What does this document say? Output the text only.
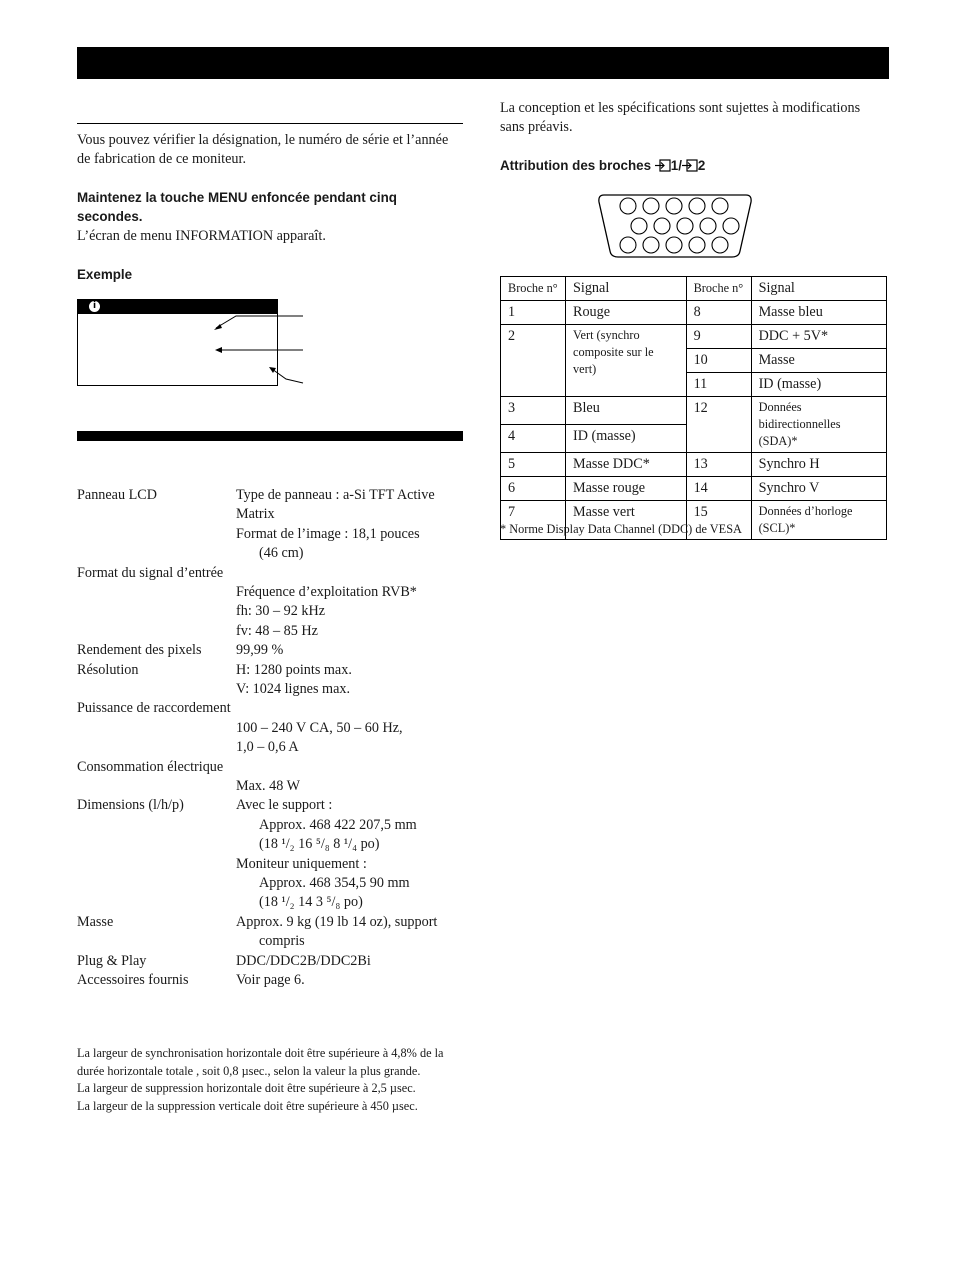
Vous pouvez vérifier la désignation, le numéro de série et l’année de fabrication de ce moniteur.
Maintenez la touche MENU enfoncée pendant cinq secondes.
L’écran de menu INFORMATION apparaît.
Exemple
i
Panneau LCD	Type de panneau : a-Si TFT Active Matrix
Format de l’image : 18,1 pouces
(46 cm)
Format du signal d’entrée
Fréquence d’exploitation RVB*
fh: 30 – 92 kHz
fv: 48 – 85 Hz
Rendement des pixels 99,99 %
Résolution	H: 1280 points max.
V: 1024 lignes max.
Puissance de raccordement
100 – 240 V CA, 50 – 60 Hz,
1,0 – 0,6 A
Consommation électrique
Max. 48 W
Dimensions (l/h/p)	Avec le support :
Approx. 468 422 207,5 mm
(18 ¹/₂ 16 ⁵/₈ 8 ¹/₄ po)
Moniteur uniquement :
Approx. 468 354,5 90 mm
(18 ¹/₂ 14 3 ⁵/₈ po)
Masse	Approx. 9 kg (19 lb 14 oz), support
compris
Plug & Play	DDC/DDC2B/DDC2Bi
Accessoires fournis	Voir page 6.
La largeur de synchronisation horizontale doit être supérieure à 4,8% de la durée horizontale totale , soit 0,8 µsec., selon la valeur la plus grande.
La largeur de suppression horizontale doit être supérieure à 2,5 µsec.
La largeur de la suppression verticale doit être supérieure à 450 µsec.
La conception et les spécifications sont sujettes à modifications sans préavis.
Attribution des broches 1/ 2
Broche n°	Signal	Broche n°	Signal
1	Rouge	8	Masse bleu
2	Vert (synchro composite sur le vert)	9	DDC + 5V*
		10	Masse
		11	ID (masse)
3	Bleu	12	Données bidirectionnelles (SDA)*
4	ID (masse)		
5	Masse DDC*	13	Synchro H
6	Masse rouge	14	Synchro V
7	Masse vert	15	Données d’horloge (SCL)*
* Norme Display Data Channel (DDC) de VESA
